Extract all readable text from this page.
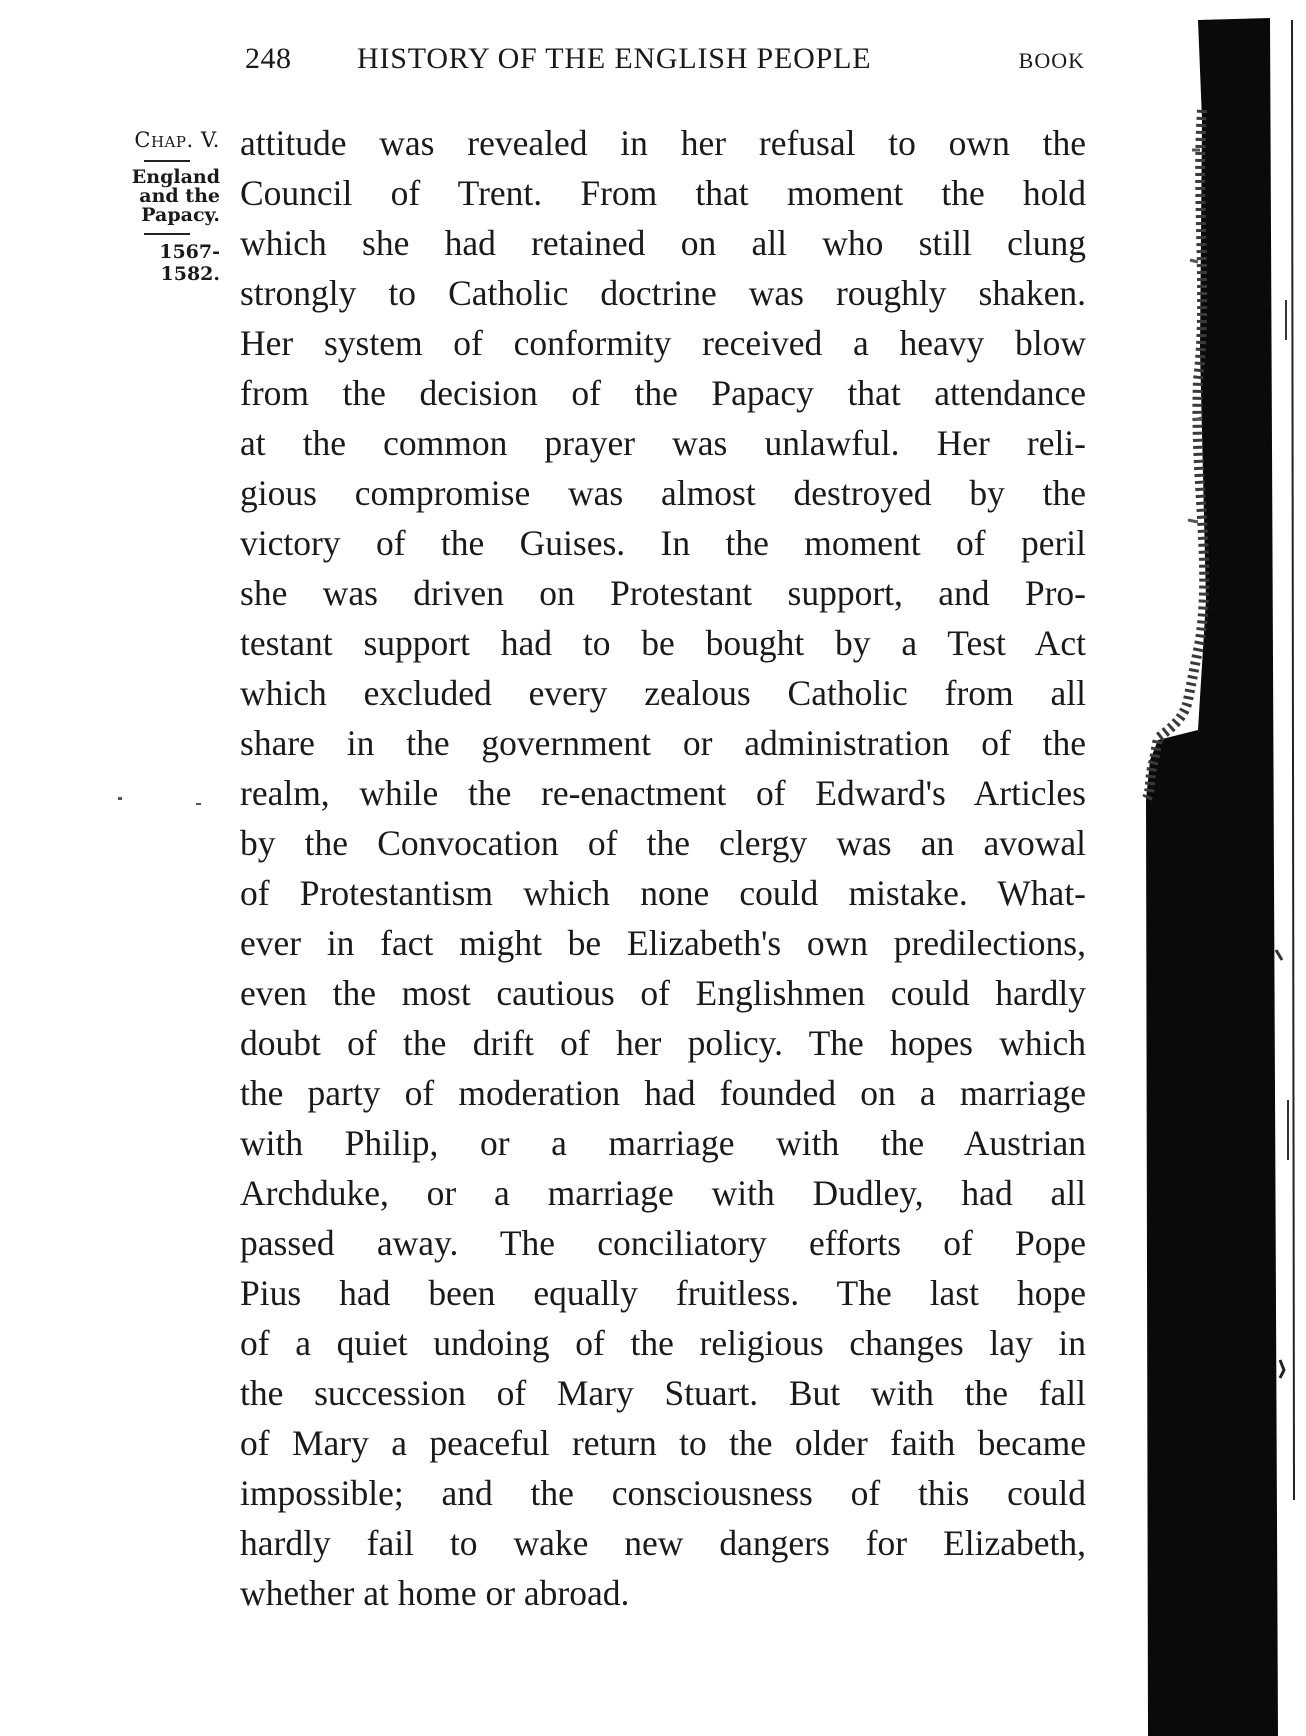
248 HISTORY OF THE ENGLISH PEOPLE	BOOK
Chap. V.
England
and the
Papacy.
1567-1582.
attitude was revealed in her refusal to own the
Council of Trent. From that moment the hold
which she had retained on all who still clung
strongly to Catholic doctrine was roughly shaken.
Her system of conformity received a heavy blow
from the decision of the Papacy that attendance
at the common prayer was unlawful. Her reli-
gious compromise was almost destroyed by the
victory of the Guises. In the moment of peril
she was driven on Protestant support, and Pro-
testant support had to be bought by a Test Act
which excluded every zealous Catholic from all
share in the government or administration of the
realm, while the re-enactment of Edward's Articles
by the Convocation of the clergy was an avowal
of Protestantism which none could mistake. What-
ever in fact might be Elizabeth's own predilections,
even the most cautious of Englishmen could hardly
doubt of the drift of her policy. The hopes which
the party of moderation had founded on a marriage
with Philip, or a marriage with the Austrian
Archduke, or a marriage with Dudley, had all
passed away. The conciliatory efforts of Pope
Pius had been equally fruitless. The last hope
of a quiet undoing of the religious changes lay in
the succession of Mary Stuart. But with the fall
of Mary a peaceful return to the older faith became
impossible; and the consciousness of this could
hardly fail to wake new dangers for Elizabeth,
whether at home or abroad.
